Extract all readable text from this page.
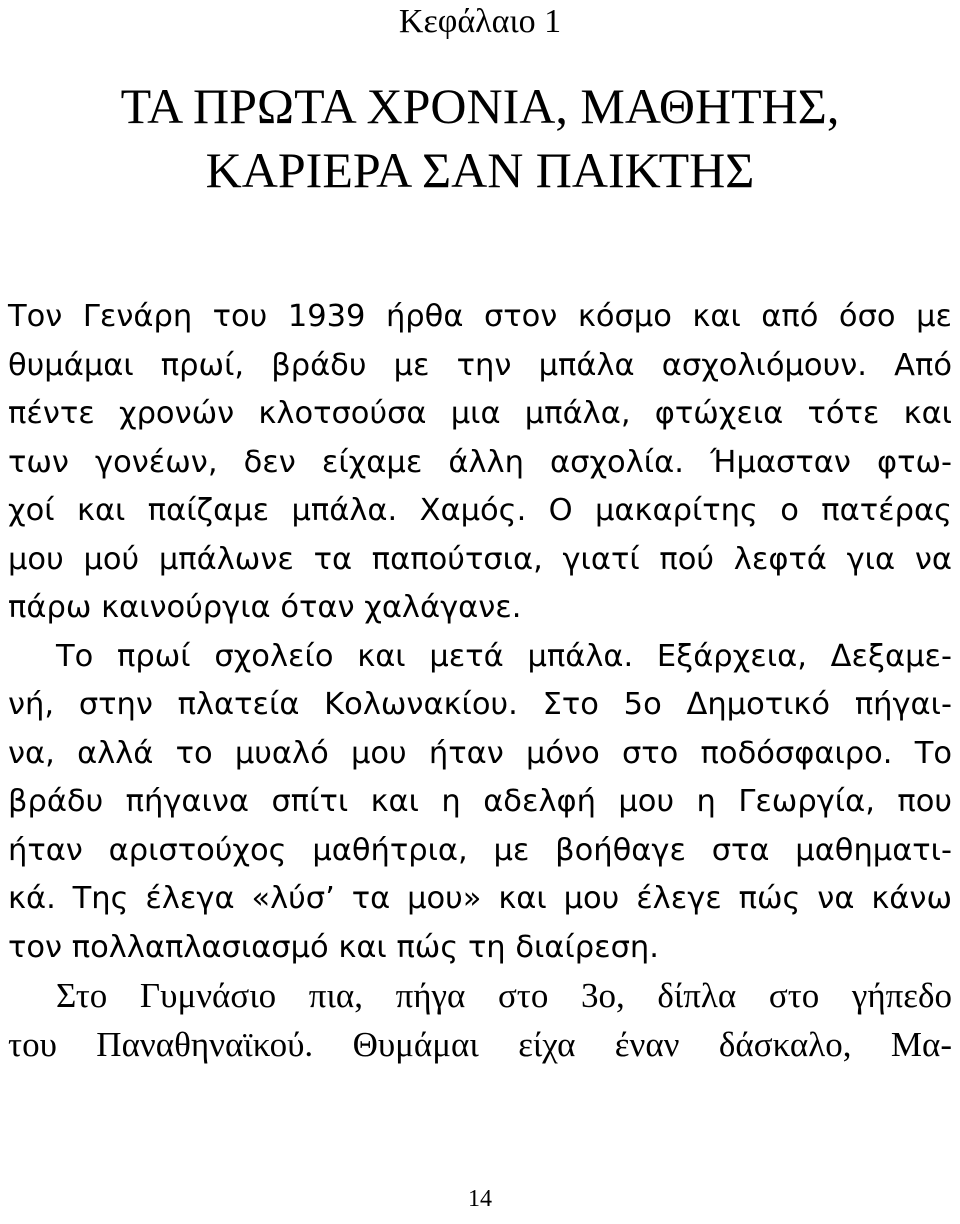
Κεφάλαιο 1
ΤΑ ΠΡΩΤΑ ΧΡΟΝΙΑ, ΜΑΘΗΤΗΣ,
ΚΑΡΙΕΡΑ ΣΑΝ ΠΑΙΚΤΗΣ
Τον Γενάρη του 1939 ήρθα στον κόσμο και από όσο με
θυμάμαι πρωί, βράδυ με την μπάλα ασχολιόμουν. Από
πέντε χρονών κλοτσούσα μια μπάλα, φτώχεια τότε και
των γονέων, δεν είχαμε άλλη ασχολία. Ήμασταν φτω-
χοί και παίζαμε μπάλα. Χαμός. Ο μακαρίτης ο πατέρας
μου μού μπάλωνε τα παπούτσια, γιατί πού λεφτά για να
πάρω καινούργια όταν χαλάγανε.
Το πρωί σχολείο και μετά μπάλα. Εξάρχεια, Δεξαμε-
νή, στην πλατεία Κολωνακίου. Στο 5ο Δημοτικό πήγαι-
να, αλλά το μυαλό μου ήταν μόνο στο ποδόσφαιρο. Το
βράδυ πήγαινα σπίτι και η αδελφή μου η Γεωργία, που
ήταν αριστούχος μαθήτρια, με βοήθαγε στα μαθηματι-
κά. Της έλεγα «λύσ’ τα μου» και μου έλεγε πώς να κάνω
τον πολλαπλασιασμό και πώς τη διαίρεση.
Στο Γυμνάσιο πια, πήγα στο 3ο, δίπλα στο γήπεδο
του Παναθηναϊκού. Θυμάμαι είχα έναν δάσκαλο, Μα-
14
